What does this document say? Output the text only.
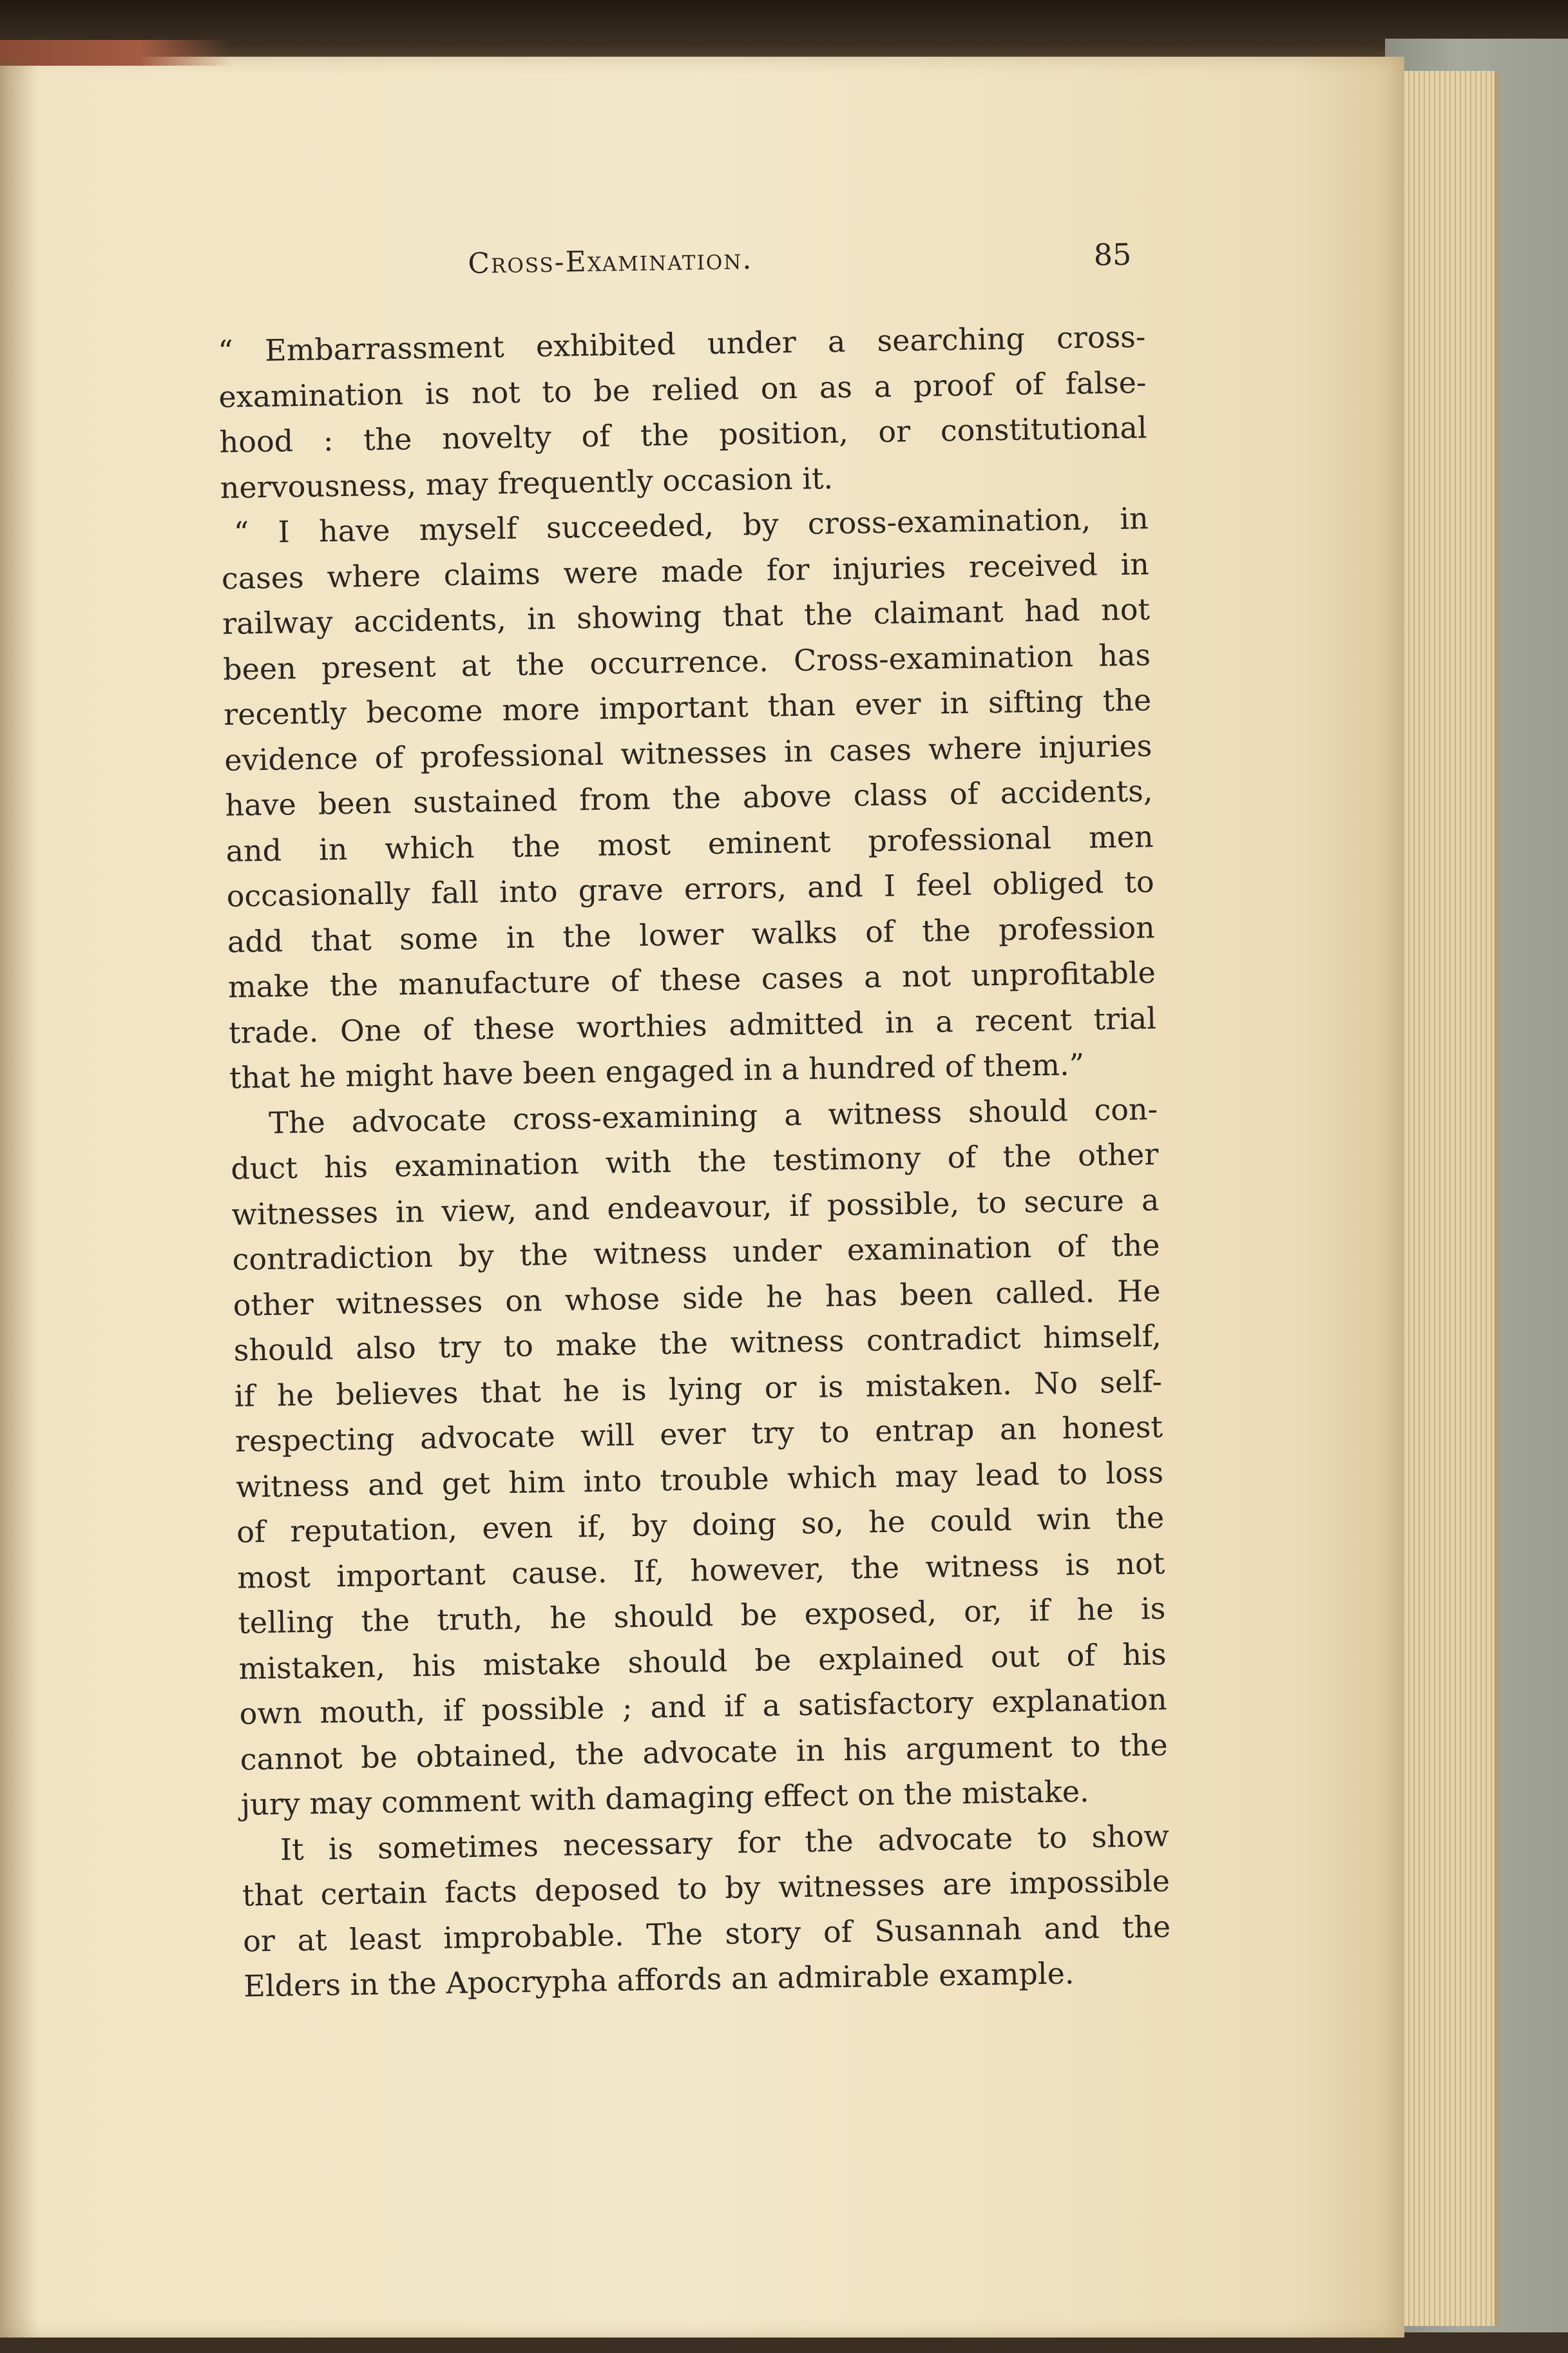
Cross-Examination.	85

“ Embarrassment exhibited under a searching cross-
examination is not to be relied on as a proof of false-
hood : the novelty of the position, or constitutional
nervousness, may frequently occasion it.

“ I have myself succeeded, by cross-examination, in
cases where claims were made for injuries received in
railway accidents, in showing that the claimant had not
been present at the occurrence. Cross-examination has
recently become more important than ever in sifting the
evidence of professional witnesses in cases where injuries
have been sustained from the above class of accidents,
and in which the most eminent professional men
occasionally fall into grave errors, and I feel obliged to
add that some in the lower walks of the profession
make the manufacture of these cases a not unprofitable
trade. One of these worthies admitted in a recent trial
that he might have been engaged in a hundred of them.”

The advocate cross-examining a witness should con-
duct his examination with the testimony of the other
witnesses in view, and endeavour, if possible, to secure a
contradiction by the witness under examination of the
other witnesses on whose side he has been called. He
should also try to make the witness contradict himself,
if he believes that he is lying or is mistaken. No self-
respecting advocate will ever try to entrap an honest
witness and get him into trouble which may lead to loss
of reputation, even if, by doing so, he could win the
most important cause. If, however, the witness is not
telling the truth, he should be exposed, or, if he is
mistaken, his mistake should be explained out of his
own mouth, if possible ; and if a satisfactory explanation
cannot be obtained, the advocate in his argument to the
jury may comment with damaging effect on the mistake.

It is sometimes necessary for the advocate to show
that certain facts deposed to by witnesses are impossible
or at least improbable. The story of Susannah and the
Elders in the Apocrypha affords an admirable example.
